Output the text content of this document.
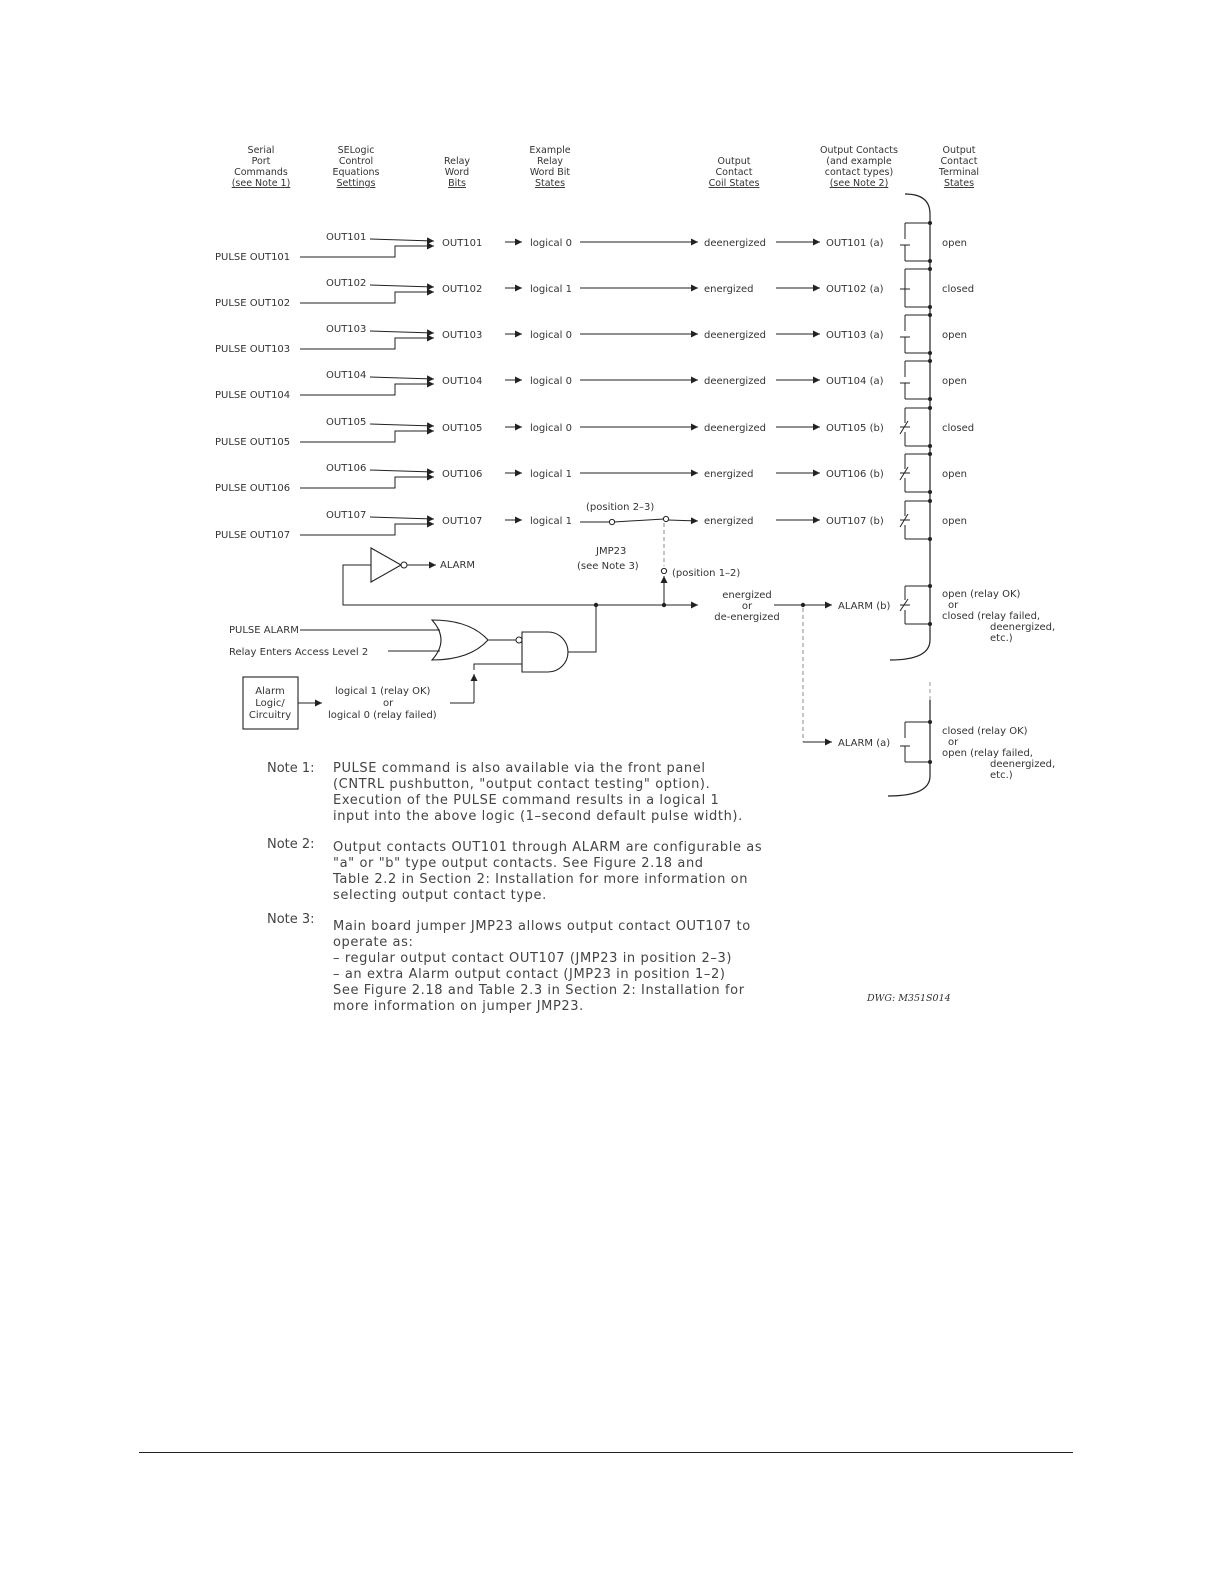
Serial
Port
Commands
(see Note 1)
SELogic
Control
Equations
Settings
Relay
Word
Bits
Example
Relay
Word Bit
States
Output
Contact
Coil States
Output Contacts
(and example
contact types)
(see Note 2)
Output
Contact
Terminal
States
OUT101
PULSE OUT101
OUT101	logical 0	deenergized	OUT101 (a)	open
OUT102
PULSE OUT102
OUT102	logical 1	energized	OUT102 (a)	closed
OUT103
PULSE OUT103
OUT103	logical 0	deenergized	OUT103 (a)	open
OUT104
PULSE OUT104
OUT104	logical 0	deenergized	OUT104 (a)	open
OUT105
PULSE OUT105
OUT105	logical 0	deenergized	OUT105 (b)	closed
OUT106
PULSE OUT106
OUT106	logical 1	energized	OUT106 (b)	open
OUT107
PULSE OUT107
OUT107	logical 1	energized	OUT107 (b)	open
(position 2–3)
JMP23
(see Note 3)
(position 1–2)
ALARM
PULSE ALARM
Relay Enters Access Level 2
Alarm
Logic/
Circuitry
logical 1 (relay OK)
or
logical 0 (relay failed)
energized
or
de-energized
ALARM (b)
ALARM (a)
open (relay OK)
or
closed (relay failed,
deenergized,
etc.)
closed (relay OK)
or
open (relay failed,
deenergized,
etc.)
Note 1: PULSE command is also available via the front panel
(CNTRL pushbutton, "output contact testing" option).
Execution of the PULSE command results in a logical 1
input into the above logic (1–second default pulse width).
Note 2: Output contacts OUT101 through ALARM are configurable as
"a" or "b" type output contacts. See Figure 2.18 and
Table 2.2 in Section 2: Installation for more information on
selecting output contact type.
Note 3: Main board jumper JMP23 allows output contact OUT107 to
operate as:
– regular output contact OUT107 (JMP23 in position 2–3)
– an extra Alarm output contact (JMP23 in position 1–2)
See Figure 2.18 and Table 2.3 in Section 2: Installation for
more information on jumper JMP23.
DWG: M351S014
